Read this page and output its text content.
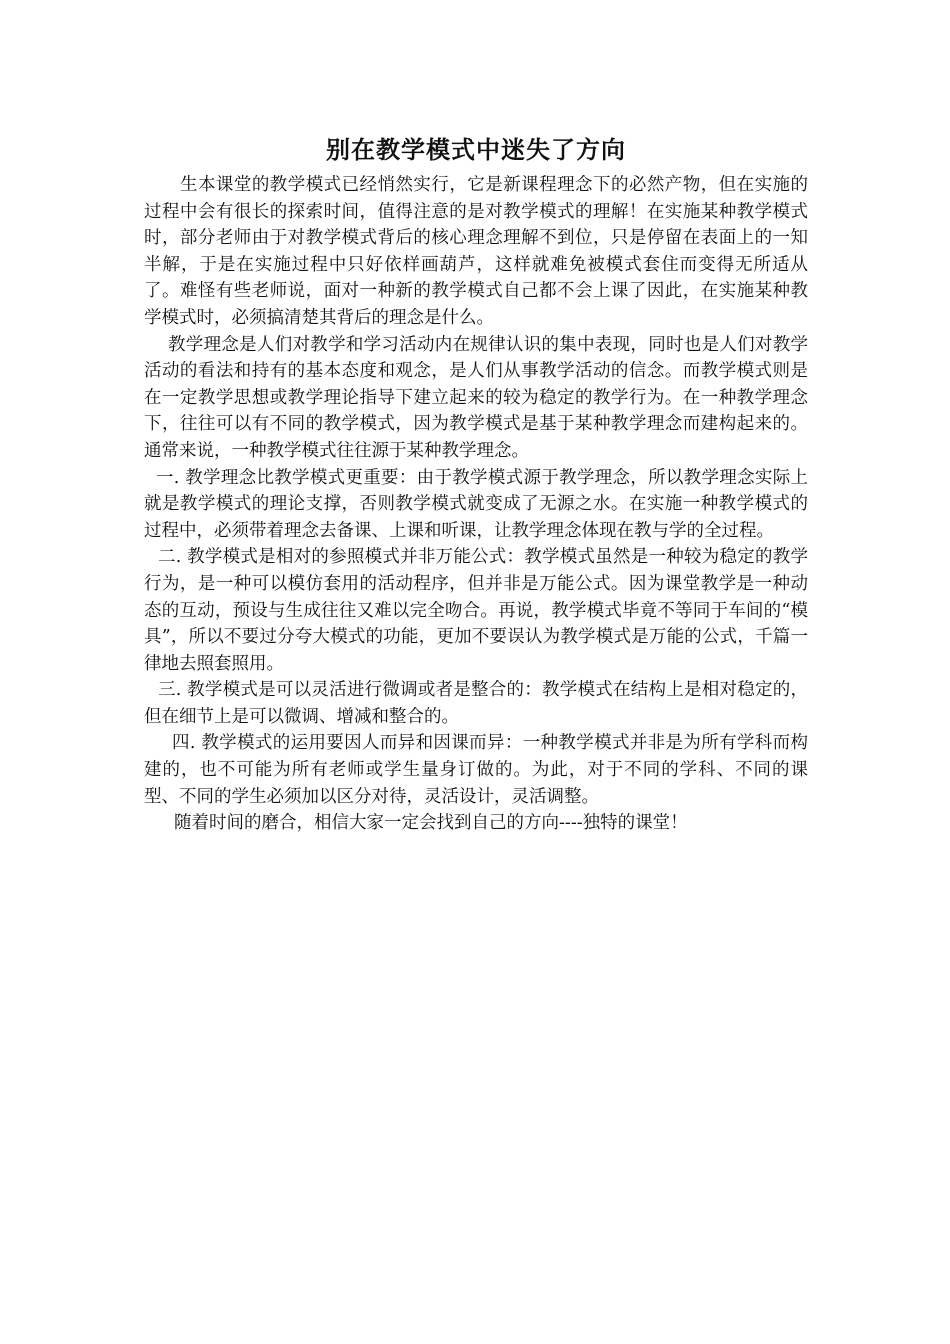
别在教学模式中迷失了方向

生本课堂的教学模式已经悄然实行，它是新课程理念下的必然产物，但在实施的过程中会有很长的探索时间，值得注意的是对教学模式的理解！在实施某种教学模式时，部分老师由于对教学模式背后的核心理念理解不到位，只是停留在表面上的一知半解，于是在实施过程中只好依样画葫芦，这样就难免被模式套住而变得无所适从了。难怪有些老师说，面对一种新的教学模式自己都不会上课了因此，在实施某种教学模式时，必须搞清楚其背后的理念是什么。

教学理念是人们对教学和学习活动内在规律认识的集中表现，同时也是人们对教学活动的看法和持有的基本态度和观念，是人们从事教学活动的信念。而教学模式则是在一定教学思想或教学理论指导下建立起来的较为稳定的教学行为。在一种教学理念下，往往可以有不同的教学模式，因为教学模式是基于某种教学理念而建构起来的。通常来说，一种教学模式往往源于某种教学理念。

一. 教学理念比教学模式更重要：由于教学模式源于教学理念，所以教学理念实际上就是教学模式的理论支撑，否则教学模式就变成了无源之水。在实施一种教学模式的过程中，必须带着理念去备课、上课和听课，让教学理念体现在教与学的全过程。

二. 教学模式是相对的参照模式并非万能公式：教学模式虽然是一种较为稳定的教学行为，是一种可以模仿套用的活动程序，但并非是万能公式。因为课堂教学是一种动态的互动，预设与生成往往又难以完全吻合。再说，教学模式毕竟不等同于车间的“模具”，所以不要过分夸大模式的功能，更加不要误认为教学模式是万能的公式，千篇一律地去照套照用。

三. 教学模式是可以灵活进行微调或者是整合的：教学模式在结构上是相对稳定的，但在细节上是可以微调、增减和整合的。

四. 教学模式的运用要因人而异和因课而异：一种教学模式并非是为所有学科而构建的，也不可能为所有老师或学生量身订做的。为此，对于不同的学科、不同的课型、不同的学生必须加以区分对待，灵活设计，灵活调整。

随着时间的磨合，相信大家一定会找到自己的方向----独特的课堂！
